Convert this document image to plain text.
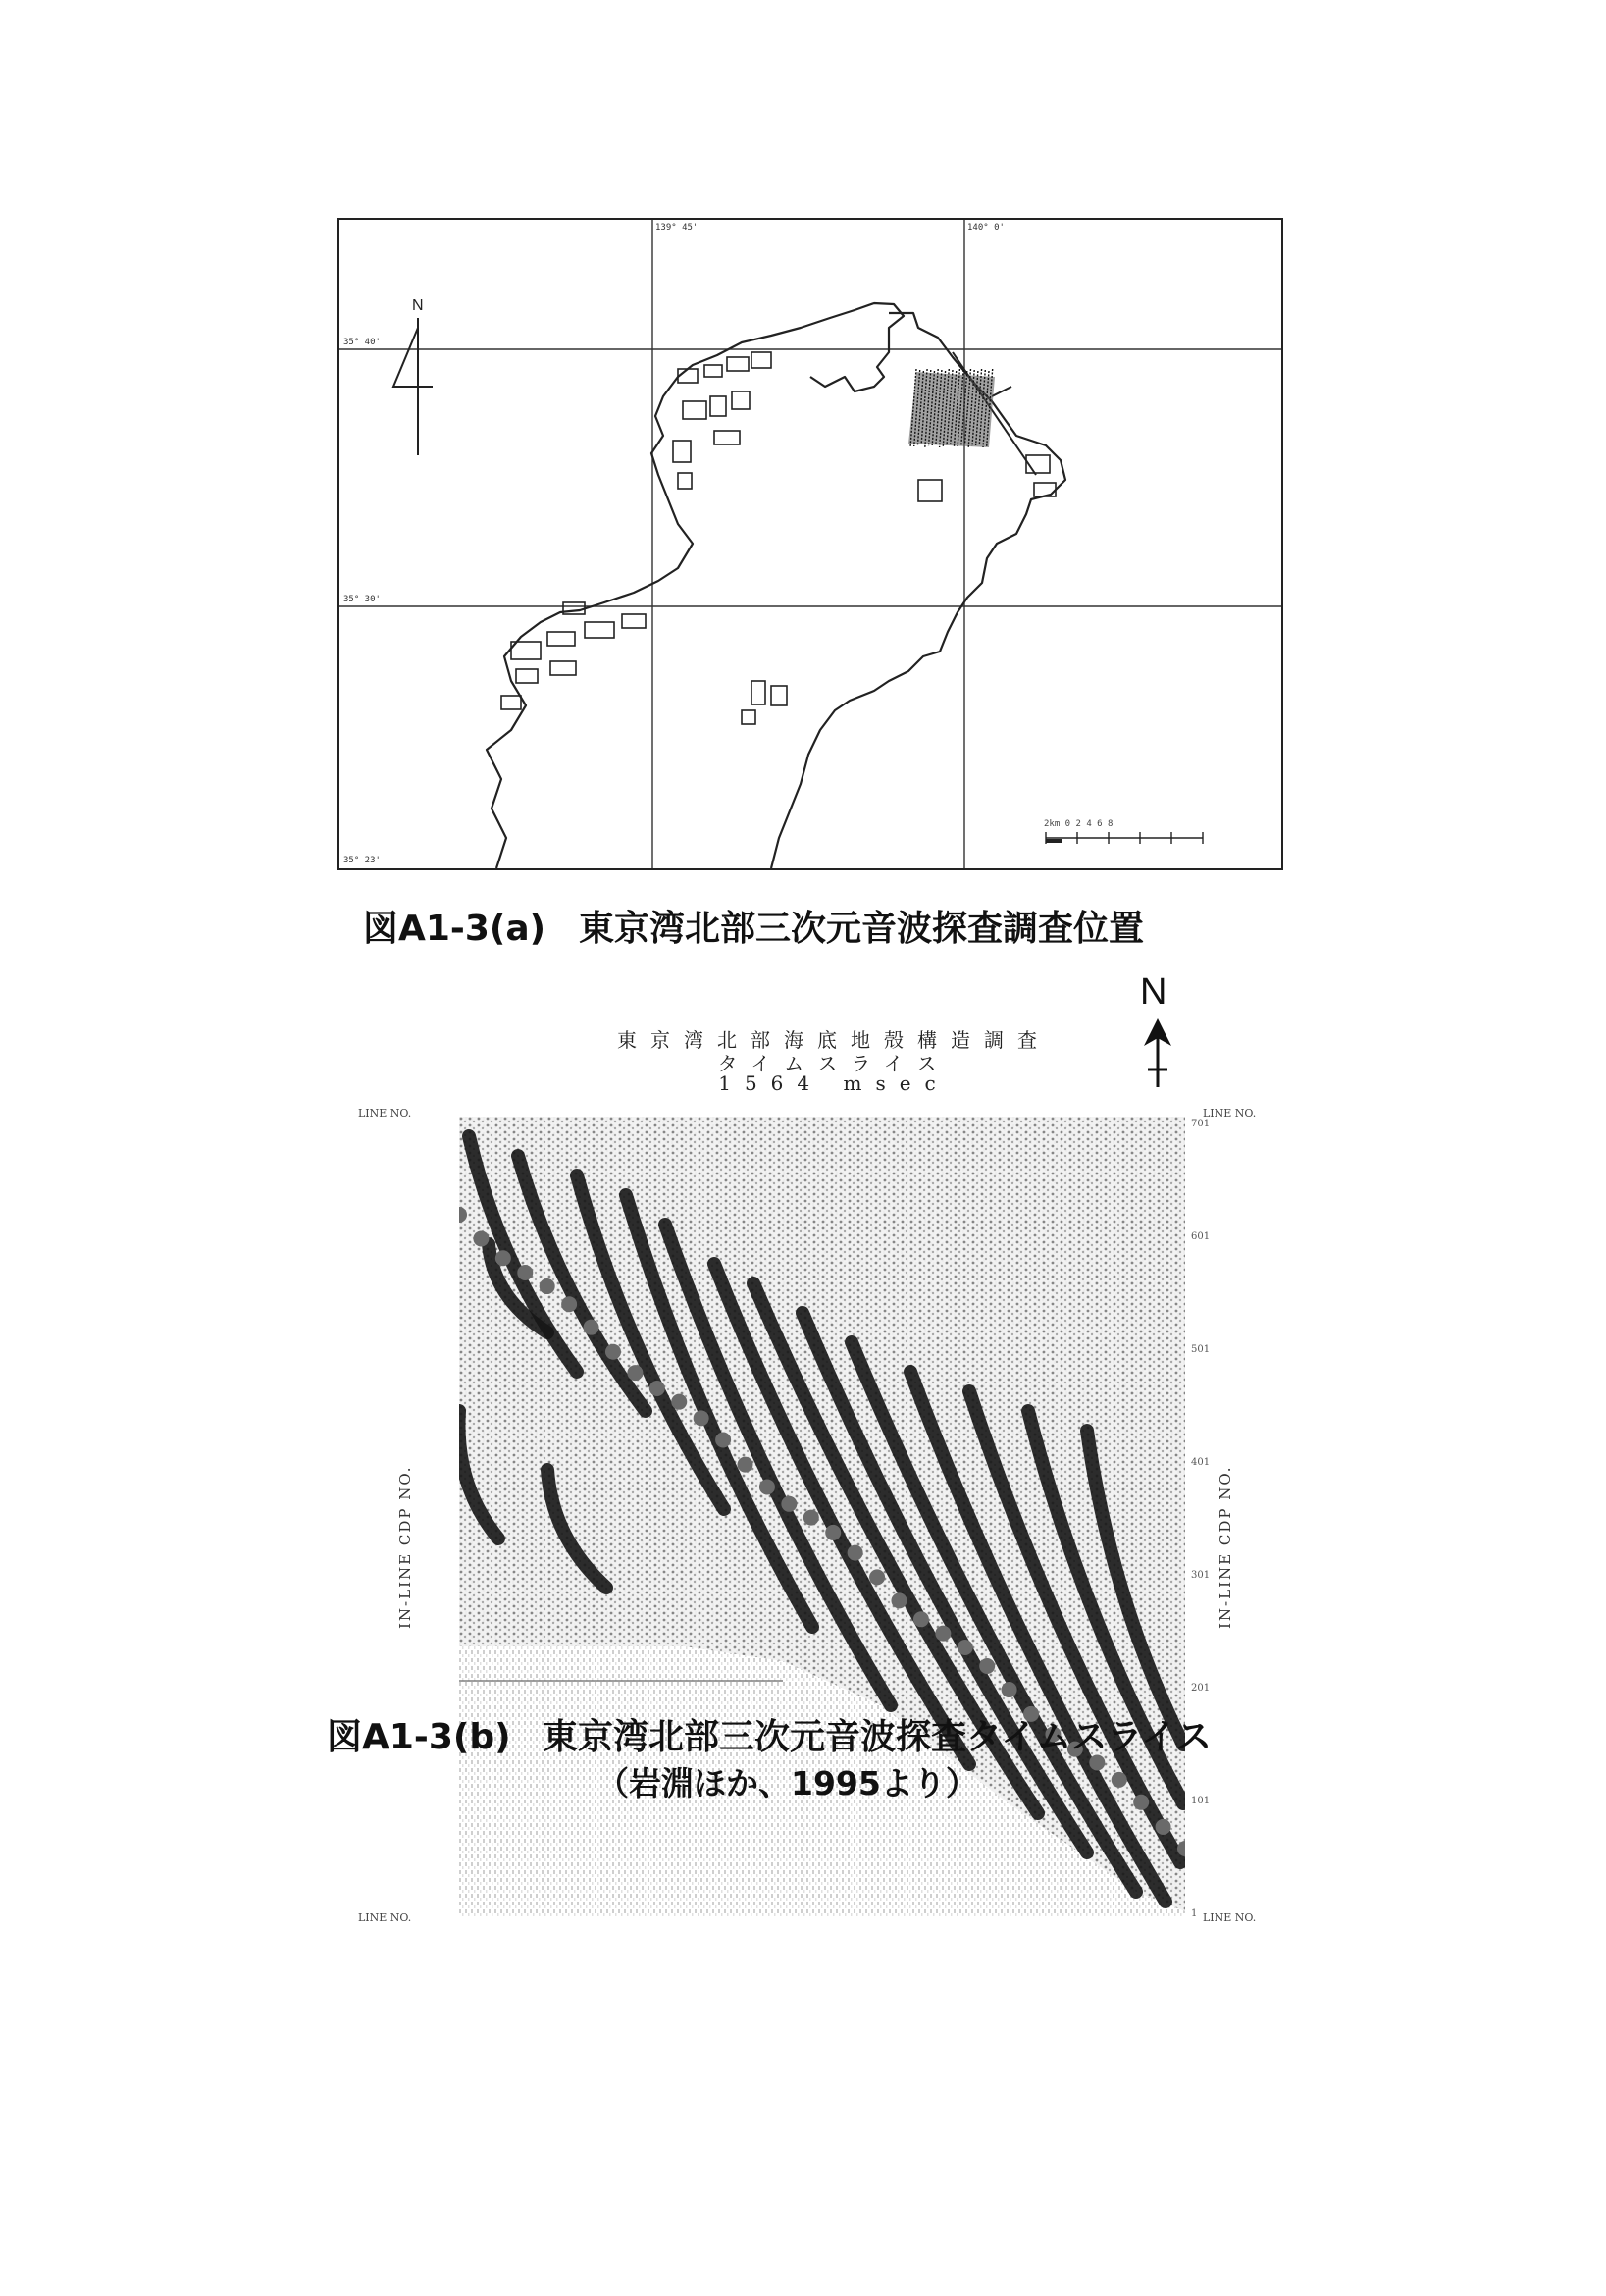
N
2km 0 2 4 6 8
139° 45'	140° 0'
35° 40'
35° 30'
35° 23'
図A1-3(a) 東京湾北部三次元音波探査調査位置
東京湾北部海底地殻構造調査
タイムスライス
1564 msec
N
LINE NO.	LINE NO.
LINE NO.	LINE NO.
IN-LINE CDP NO.	IN-LINE CDP NO.
701
601
501
401
301
201
101
1
図A1-3(b) 東京湾北部三次元音波探査タイムスライス
（岩淵ほか、1995より）
